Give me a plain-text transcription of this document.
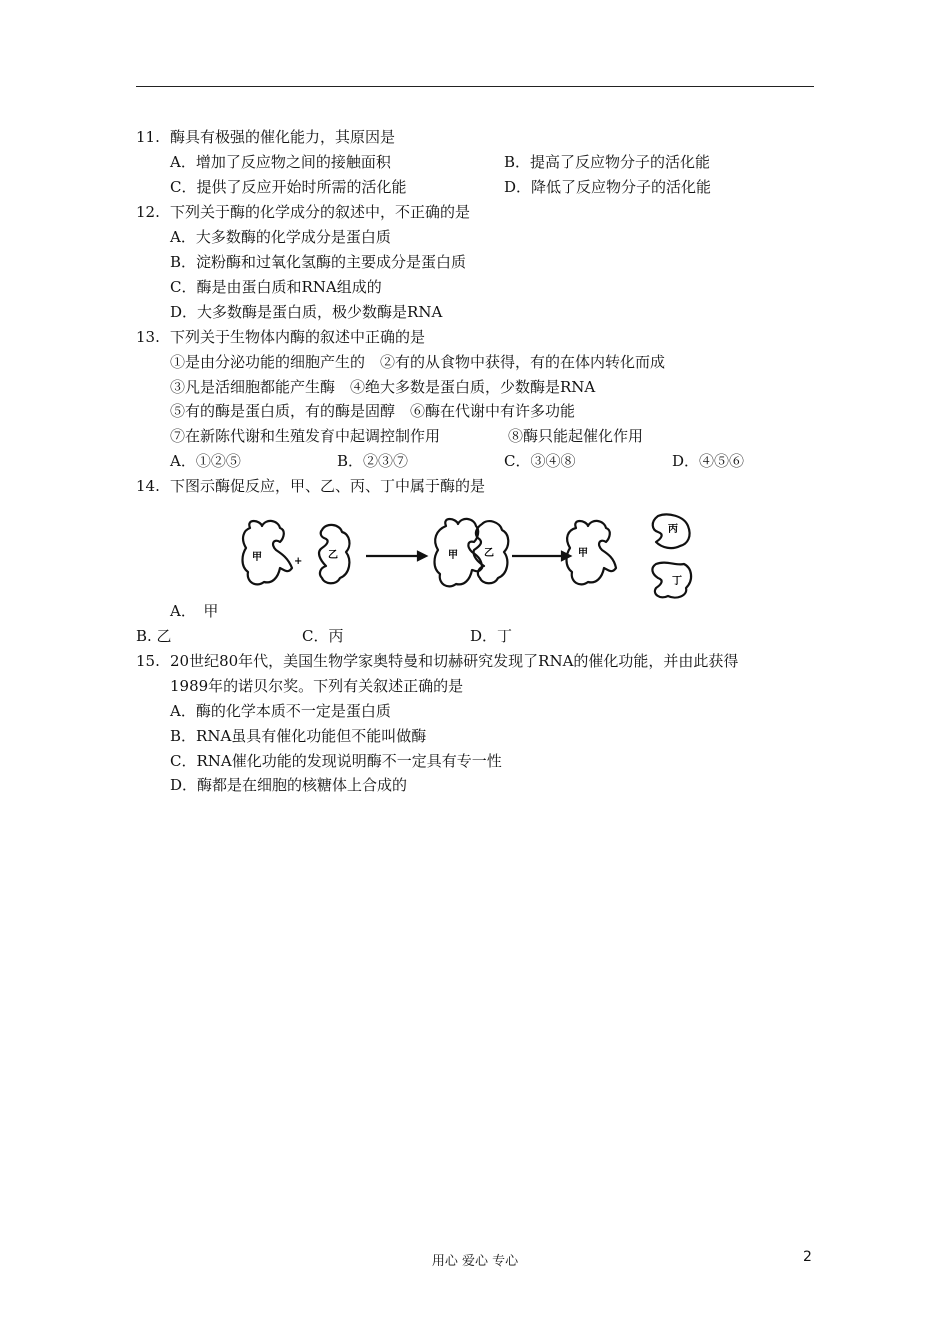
11. 酶具有极强的催化能力，其原因是
A．增加了反应物之间的接触面积	B．提高了反应物分子的活化能
C．提供了反应开始时所需的活化能	D．降低了反应物分子的活化能
12. 下列关于酶的化学成分的叙述中，不正确的是
A．大多数酶的化学成分是蛋白质
B．淀粉酶和过氧化氢酶的主要成分是蛋白质
C．酶是由蛋白质和RNA组成的
D．大多数酶是蛋白质，极少数酶是RNA
13. 下列关于生物体内酶的叙述中正确的是
①是由分泌功能的细胞产生的　②有的从食物中获得，有的在体内转化而成
③凡是活细胞都能产生酶　④绝大多数是蛋白质，少数酶是RNA
⑤有的酶是蛋白质，有的酶是固醇　⑥酶在代谢中有许多功能
⑦在新陈代谢和生殖发育中起调控制作用	⑧酶只能起催化作用
A．①②⑤	B．②③⑦	C．③④⑧	D．④⑤⑥
14. 下图示酶促反应，甲、乙、丙、丁中属于酶的是
甲	+
乙	甲	乙	甲
丙
丁
A．　甲
B. 乙	C．丙	D．丁
15. 20世纪80年代，美国生物学家奥特曼和切赫研究发现了RNA的催化功能，并由此获得
1989年的诺贝尔奖。下列有关叙述正确的是
A．酶的化学本质不一定是蛋白质
B．RNA虽具有催化功能但不能叫做酶
C．RNA催化功能的发现说明酶不一定具有专一性
D．酶都是在细胞的核糖体上合成的
用心 爱心 专心	2
